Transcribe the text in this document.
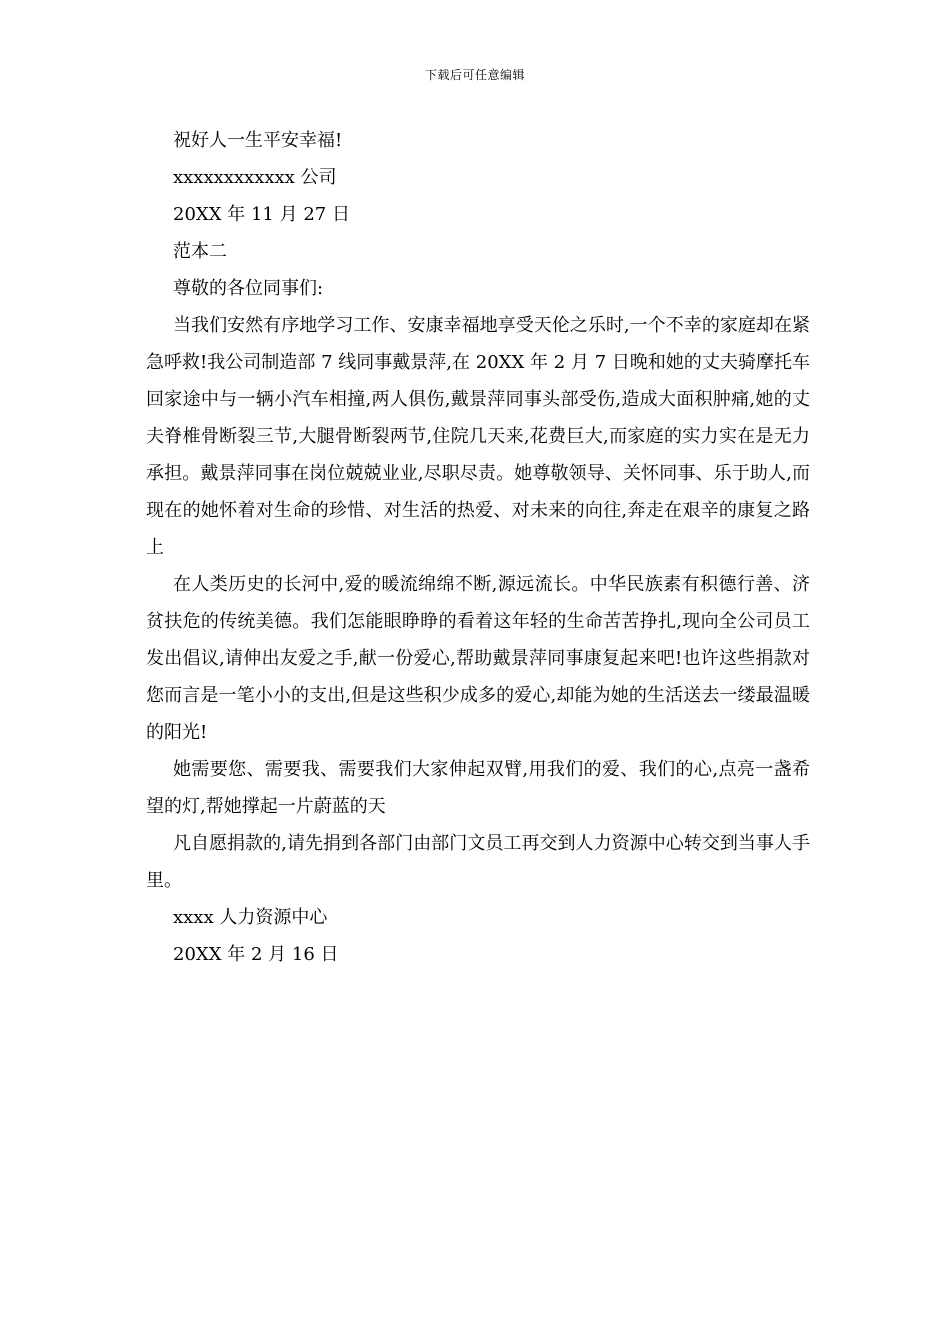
下载后可任意编辑

祝好人一生平安幸福!

xxxxxxxxxxxx 公司

20XX 年 11 月 27 日

范本二

尊敬的各位同事们:

当我们安然有序地学习工作、安康幸福地享受天伦之乐时,一个不幸的家庭却在紧急呼救!我公司制造部 7 线同事戴景萍,在 20XX 年 2 月 7 日晚和她的丈夫骑摩托车回家途中与一辆小汽车相撞,两人俱伤,戴景萍同事头部受伤,造成大面积肿痛,她的丈夫脊椎骨断裂三节,大腿骨断裂两节,住院几天来,花费巨大,而家庭的实力实在是无力承担。戴景萍同事在岗位兢兢业业,尽职尽责。她尊敬领导、关怀同事、乐于助人,而现在的她怀着对生命的珍惜、对生活的热爱、对未来的向往,奔走在艰辛的康复之路上

在人类历史的长河中,爱的暖流绵绵不断,源远流长。中华民族素有积德行善、济贫扶危的传统美德。我们怎能眼睁睁的看着这年轻的生命苦苦挣扎,现向全公司员工发出倡议,请伸出友爱之手,献一份爱心,帮助戴景萍同事康复起来吧!也许这些捐款对您而言是一笔小小的支出,但是这些积少成多的爱心,却能为她的生活送去一缕最温暖的阳光!

她需要您、需要我、需要我们大家伸起双臂,用我们的爱、我们的心,点亮一盏希望的灯,帮她撑起一片蔚蓝的天

凡自愿捐款的,请先捐到各部门由部门文员工再交到人力资源中心转交到当事人手里。

xxxx 人力资源中心

20XX 年 2 月 16 日
